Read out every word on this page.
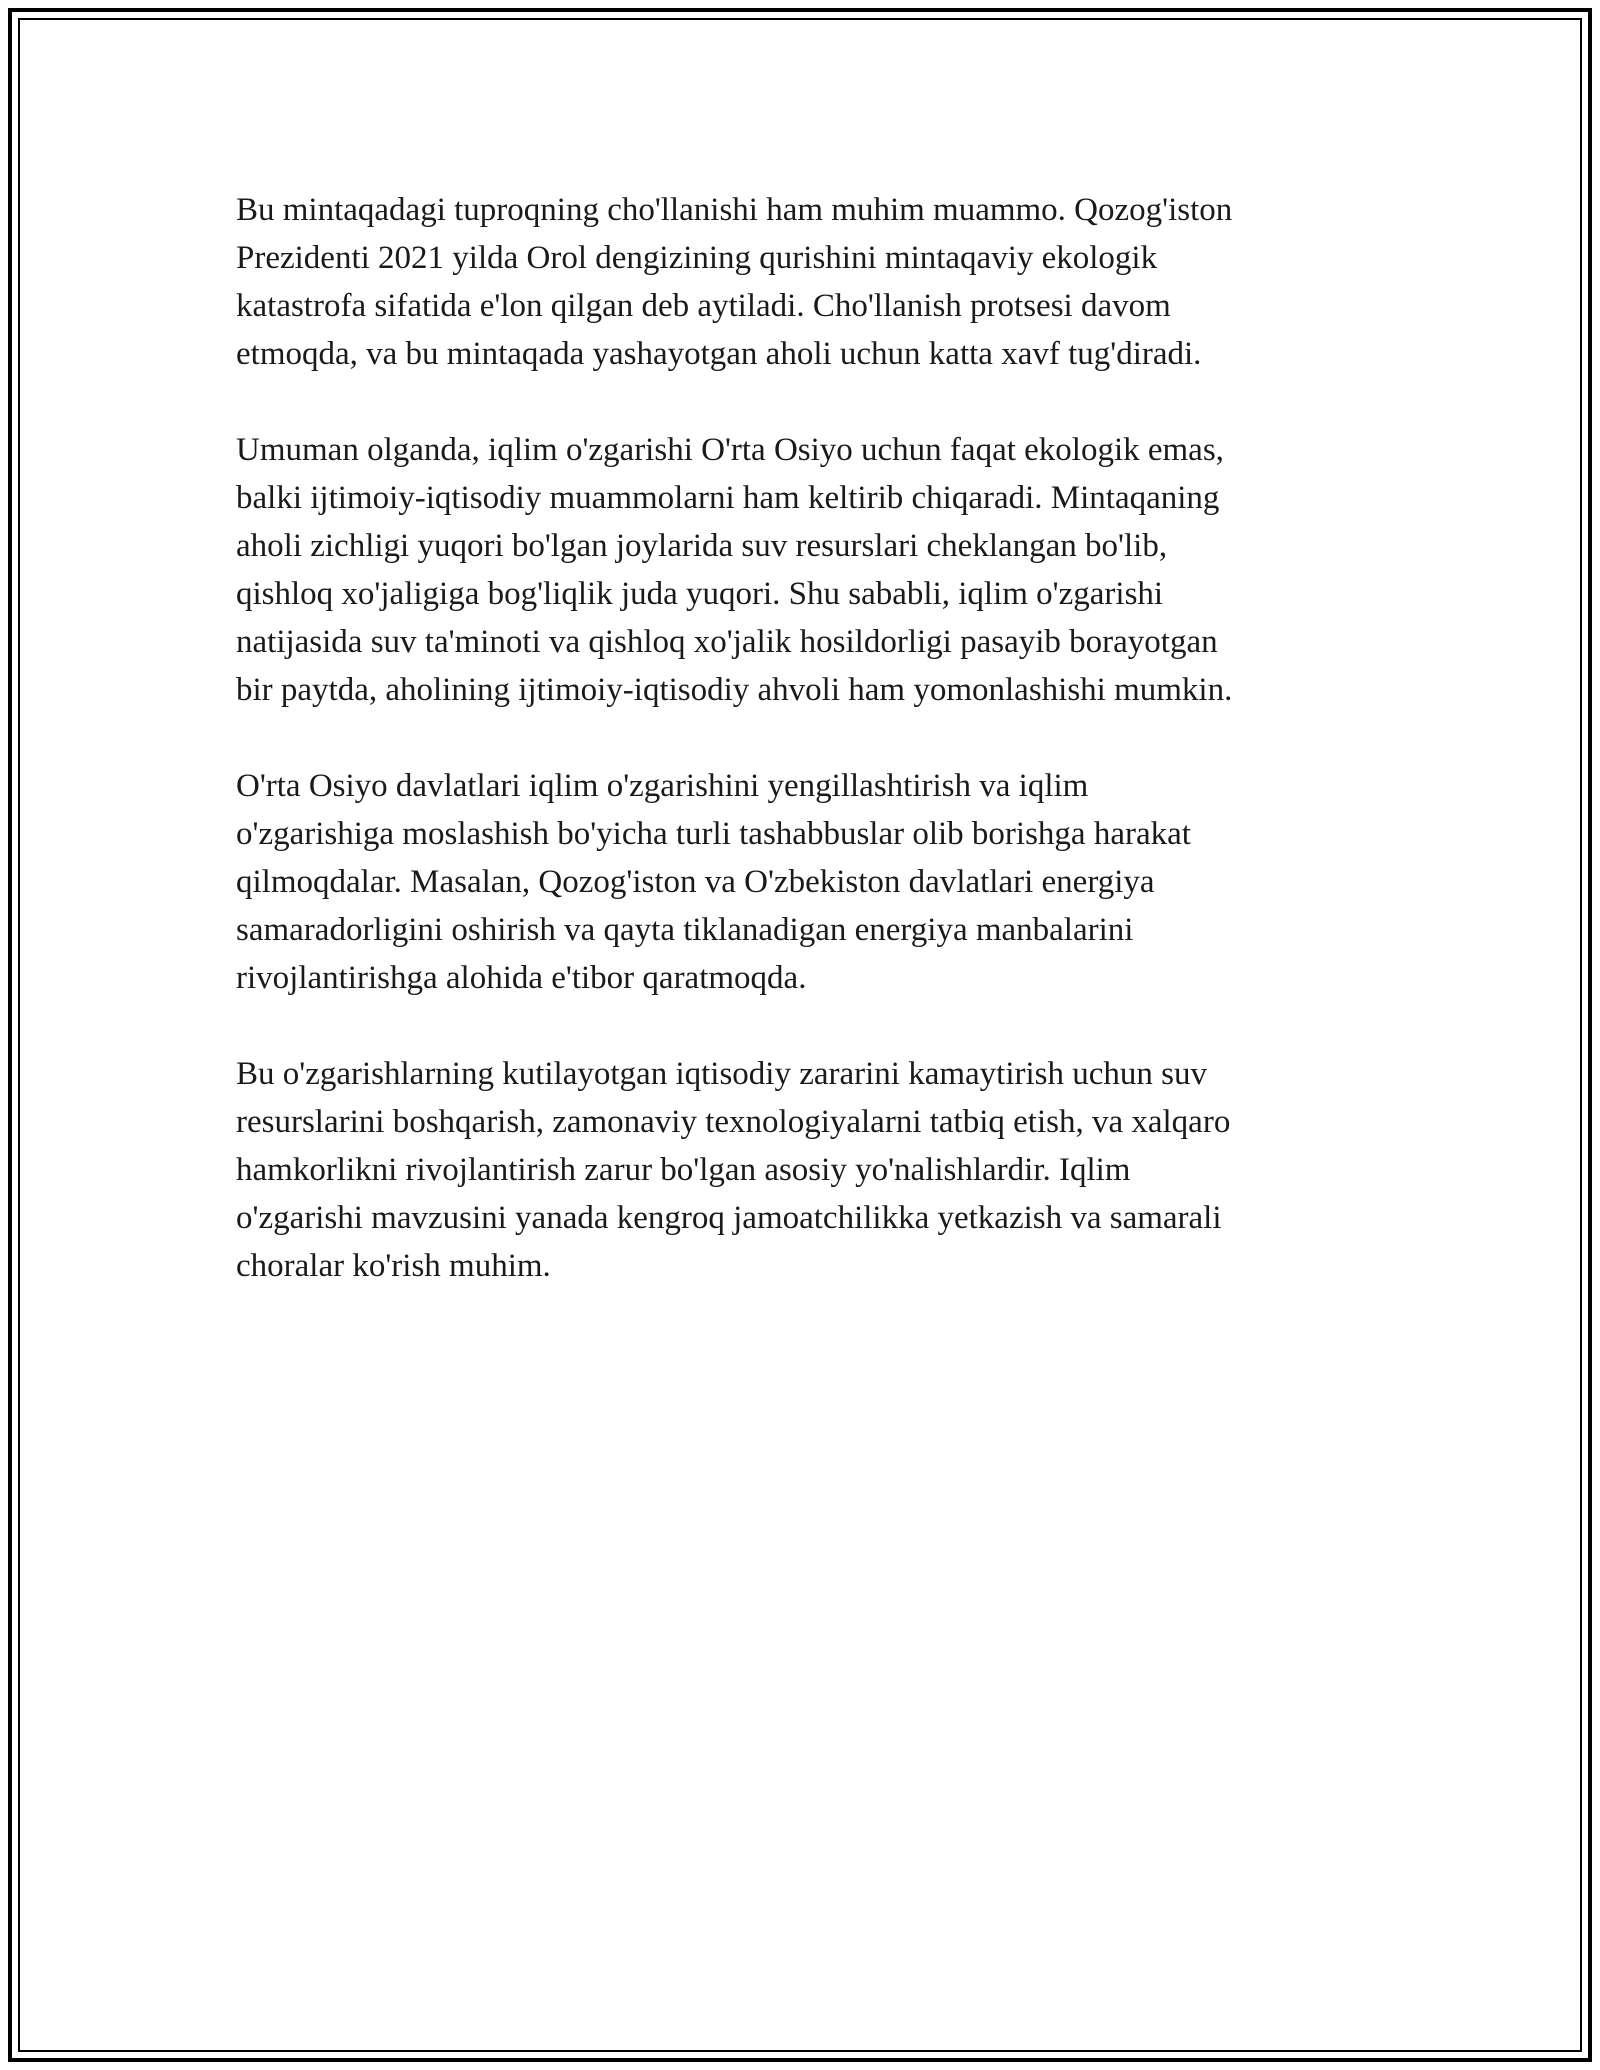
Bu mintaqadagi tuproqning cho'llanishi ham muhim muammo. Qozog'iston
Prezidenti 2021 yilda Orol dengizining qurishini mintaqaviy ekologik
katastrofa sifatida e'lon qilgan deb aytiladi. Cho'llanish protsesi davom
etmoqda, va bu mintaqada yashayotgan aholi uchun katta xavf tug'diradi.

Umuman olganda, iqlim o'zgarishi O'rta Osiyo uchun faqat ekologik emas,
balki ijtimoiy-iqtisodiy muammolarni ham keltirib chiqaradi. Mintaqaning
aholi zichligi yuqori bo'lgan joylarida suv resurslari cheklangan bo'lib,
qishloq xo'jaligiga bog'liqlik juda yuqori. Shu sababli, iqlim o'zgarishi
natijasida suv ta'minoti va qishloq xo'jalik hosildorligi pasayib borayotgan
bir paytda, aholining ijtimoiy-iqtisodiy ahvoli ham yomonlashishi mumkin.

O'rta Osiyo davlatlari iqlim o'zgarishini yengillashtirish va iqlim
o'zgarishiga moslashish bo'yicha turli tashabbuslar olib borishga harakat
qilmoqdalar. Masalan, Qozog'iston va O'zbekiston davlatlari energiya
samaradorligini oshirish va qayta tiklanadigan energiya manbalarini
rivojlantirishga alohida e'tibor qaratmoqda.

Bu o'zgarishlarning kutilayotgan iqtisodiy zararini kamaytirish uchun suv
resurslarini boshqarish, zamonaviy texnologiyalarni tatbiq etish, va xalqaro
hamkorlikni rivojlantirish zarur bo'lgan asosiy yo'nalishlardir. Iqlim
o'zgarishi mavzusini yanada kengroq jamoatchilikka yetkazish va samarali
choralar ko'rish muhim.
